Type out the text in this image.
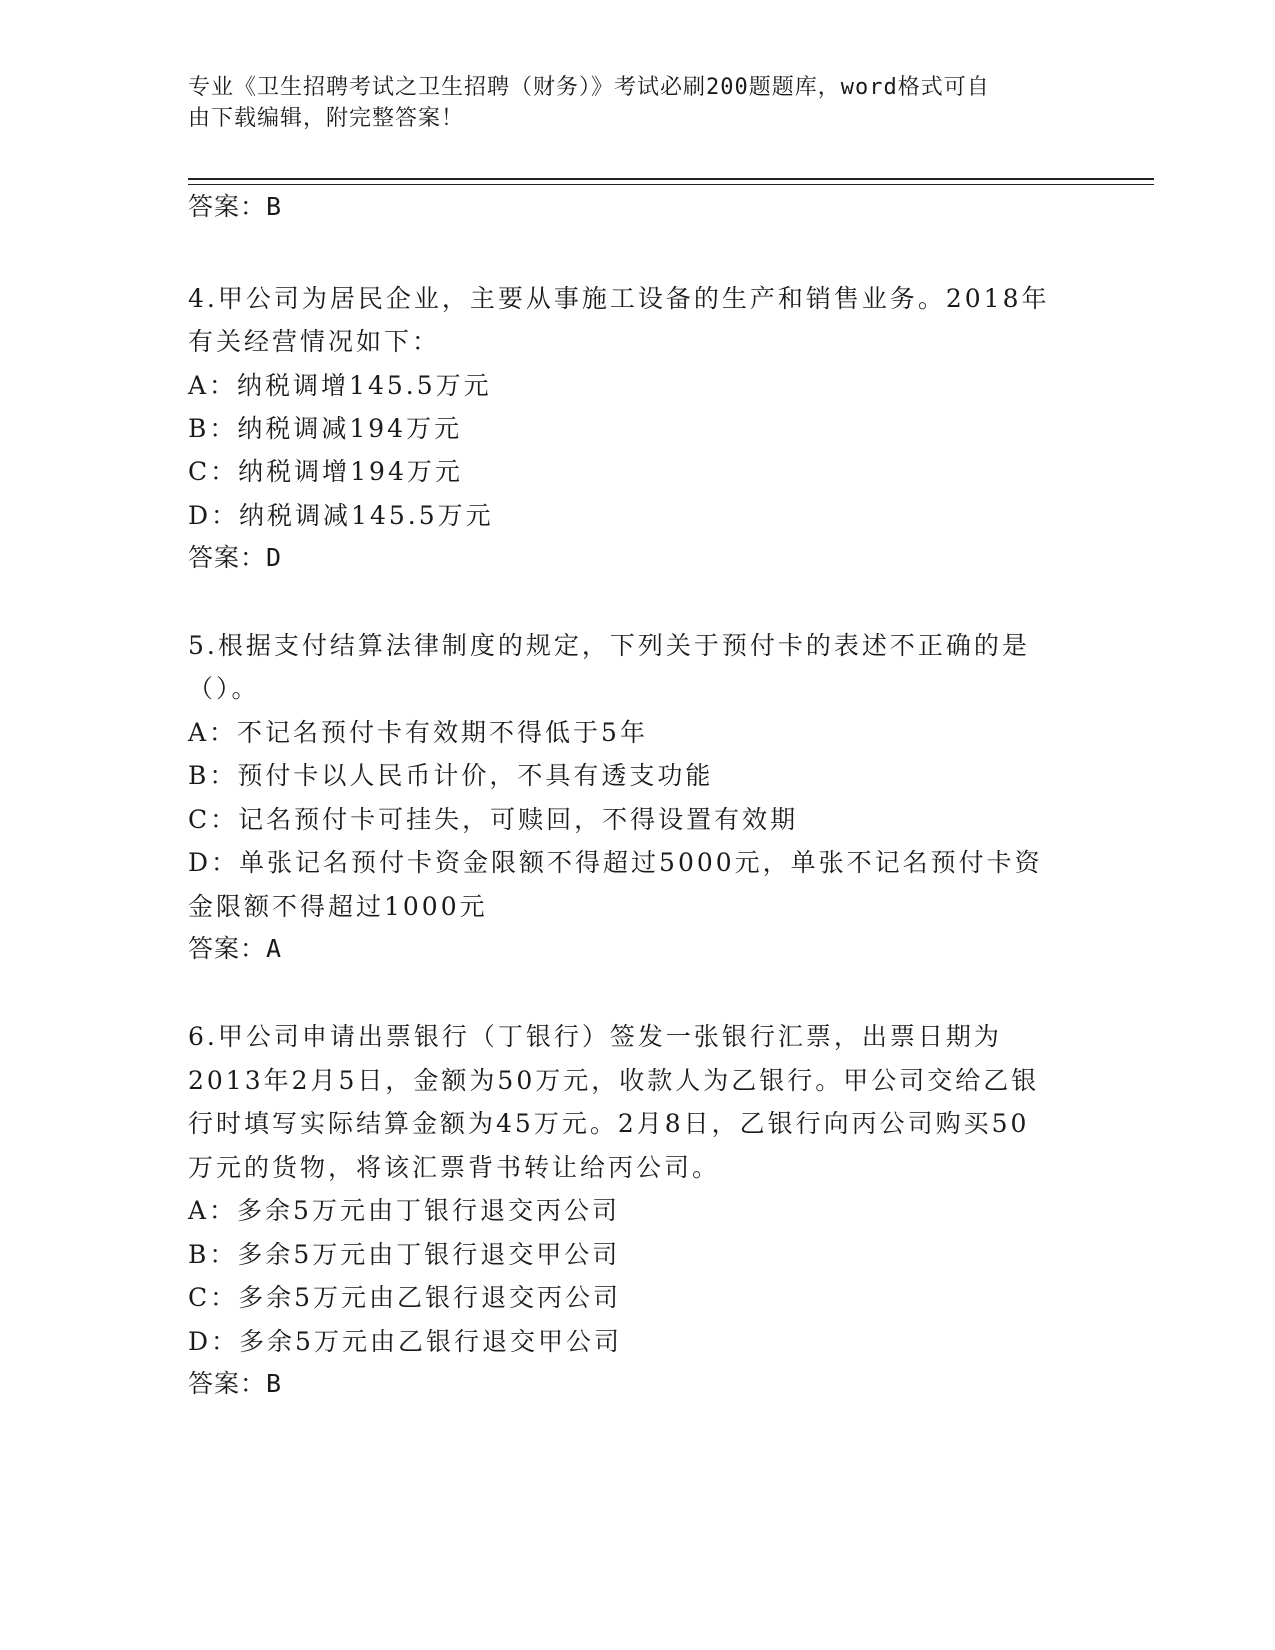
专业《卫生招聘考试之卫生招聘（财务）》考试必刷200题题库，word格式可自
由下载编辑，附完整答案！
答案：B
4.甲公司为居民企业，主要从事施工设备的生产和销售业务。2018年
有关经营情况如下：
A：纳税调增145.5万元
B：纳税调减194万元
C：纳税调增194万元
D：纳税调减145.5万元
答案：D
5.根据支付结算法律制度的规定，下列关于预付卡的表述不正确的是
（）。
A：不记名预付卡有效期不得低于5年
B：预付卡以人民币计价，不具有透支功能
C：记名预付卡可挂失，可赎回，不得设置有效期
D：单张记名预付卡资金限额不得超过5000元，单张不记名预付卡资
金限额不得超过1000元
答案：A
6.甲公司申请出票银行（丁银行）签发一张银行汇票，出票日期为
2013年2月5日，金额为50万元，收款人为乙银行。甲公司交给乙银
行时填写实际结算金额为45万元。2月8日，乙银行向丙公司购买50
万元的货物，将该汇票背书转让给丙公司。
A：多余5万元由丁银行退交丙公司
B：多余5万元由丁银行退交甲公司
C：多余5万元由乙银行退交丙公司
D：多余5万元由乙银行退交甲公司
答案：B
